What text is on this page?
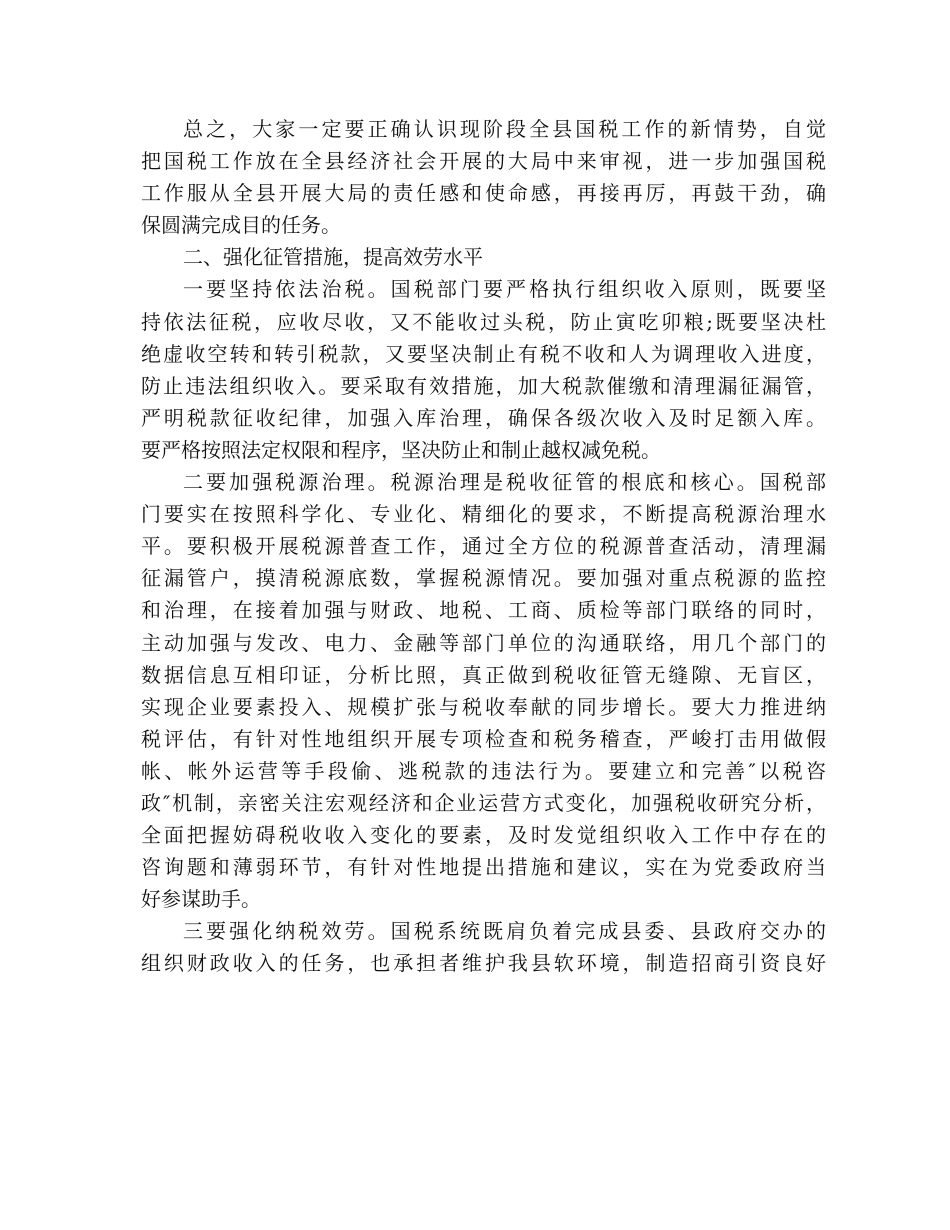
总之，大家一定要正确认识现阶段全县国税工作的新情势，自觉
把国税工作放在全县经济社会开展的大局中来审视，进一步加强国税
工作服从全县开展大局的责任感和使命感，再接再厉，再鼓干劲，确
保圆满完成目的任务。
二、强化征管措施，提高效劳水平
一要坚持依法治税。国税部门要严格执行组织收入原则，既要坚
持依法征税，应收尽收，又不能收过头税，防止寅吃卯粮;既要坚决杜
绝虚收空转和转引税款，又要坚决制止有税不收和人为调理收入进度，
防止违法组织收入。要采取有效措施，加大税款催缴和清理漏征漏管，
严明税款征收纪律，加强入库治理，确保各级次收入及时足额入库。
要严格按照法定权限和程序，坚决防止和制止越权减免税。
二要加强税源治理。税源治理是税收征管的根底和核心。国税部
门要实在按照科学化、专业化、精细化的要求，不断提高税源治理水
平。要积极开展税源普查工作，通过全方位的税源普查活动，清理漏
征漏管户，摸清税源底数，掌握税源情况。要加强对重点税源的监控
和治理，在接着加强与财政、地税、工商、质检等部门联络的同时，
主动加强与发改、电力、金融等部门单位的沟通联络，用几个部门的
数据信息互相印证，分析比照，真正做到税收征管无缝隙、无盲区，
实现企业要素投入、规模扩张与税收奉献的同步增长。要大力推进纳
税评估，有针对性地组织开展专项检查和税务稽查，严峻打击用做假
帐、帐外运营等手段偷、逃税款的违法行为。要建立和完善″以税咨
政″机制，亲密关注宏观经济和企业运营方式变化，加强税收研究分析，
全面把握妨碍税收收入变化的要素，及时发觉组织收入工作中存在的
咨询题和薄弱环节，有针对性地提出措施和建议，实在为党委政府当
好参谋助手。
三要强化纳税效劳。国税系统既肩负着完成县委、县政府交办的
组织财政收入的任务，也承担者维护我县软环境，制造招商引资良好
